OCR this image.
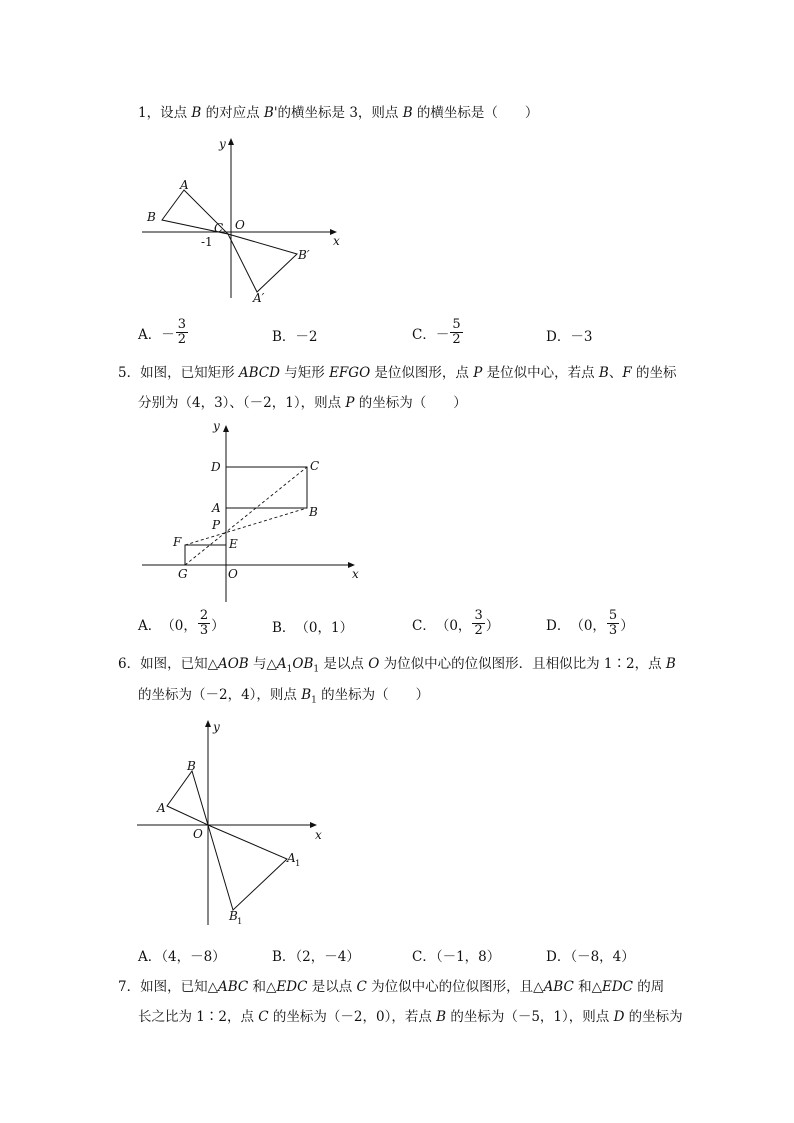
1，设点 B 的对应点 B'的横坐标是 3，则点 B 的横坐标是（　　）
y
x
A
B
C O
-1
B′
A′
A． － $\frac{3}{2}$	B． －2	C． － $\frac{5}{2}$	D． －3
5．如图，已知矩形 ABCD 与矩形 EFGO 是位似图形，点 P 是位似中心，若点 B、F 的坐标
分别为（4，3）、（－2，1），则点 P 的坐标为（　　）
y
x
D	C
A	B
P
F	E
G	O
A． （0， $\frac{2}{3}$ ）	B． （0，1）	C． （0， $\frac{3}{2}$ ）	D． （0， $\frac{5}{3}$ ）
6．如图，已知△AOB 与$\triangle A_1OB_1$ 是以点 O 为位似中心的位似图形．且相似比为 1∶2，点 B
的坐标为（－2，4），则点 $B_1$ 的坐标为（　　）
y
x
B
A
O
A 1
B 1
A．（4，－8）	B．（2，－4）	C．（－1，8）	D．（－8，4）
7．如图，已知△ABC 和△EDC 是以点 C 为位似中心的位似图形，且△ABC 和△EDC 的周
长之比为 1∶2，点 C 的坐标为（－2，0），若点 B 的坐标为（－5，1），则点 D 的坐标为
